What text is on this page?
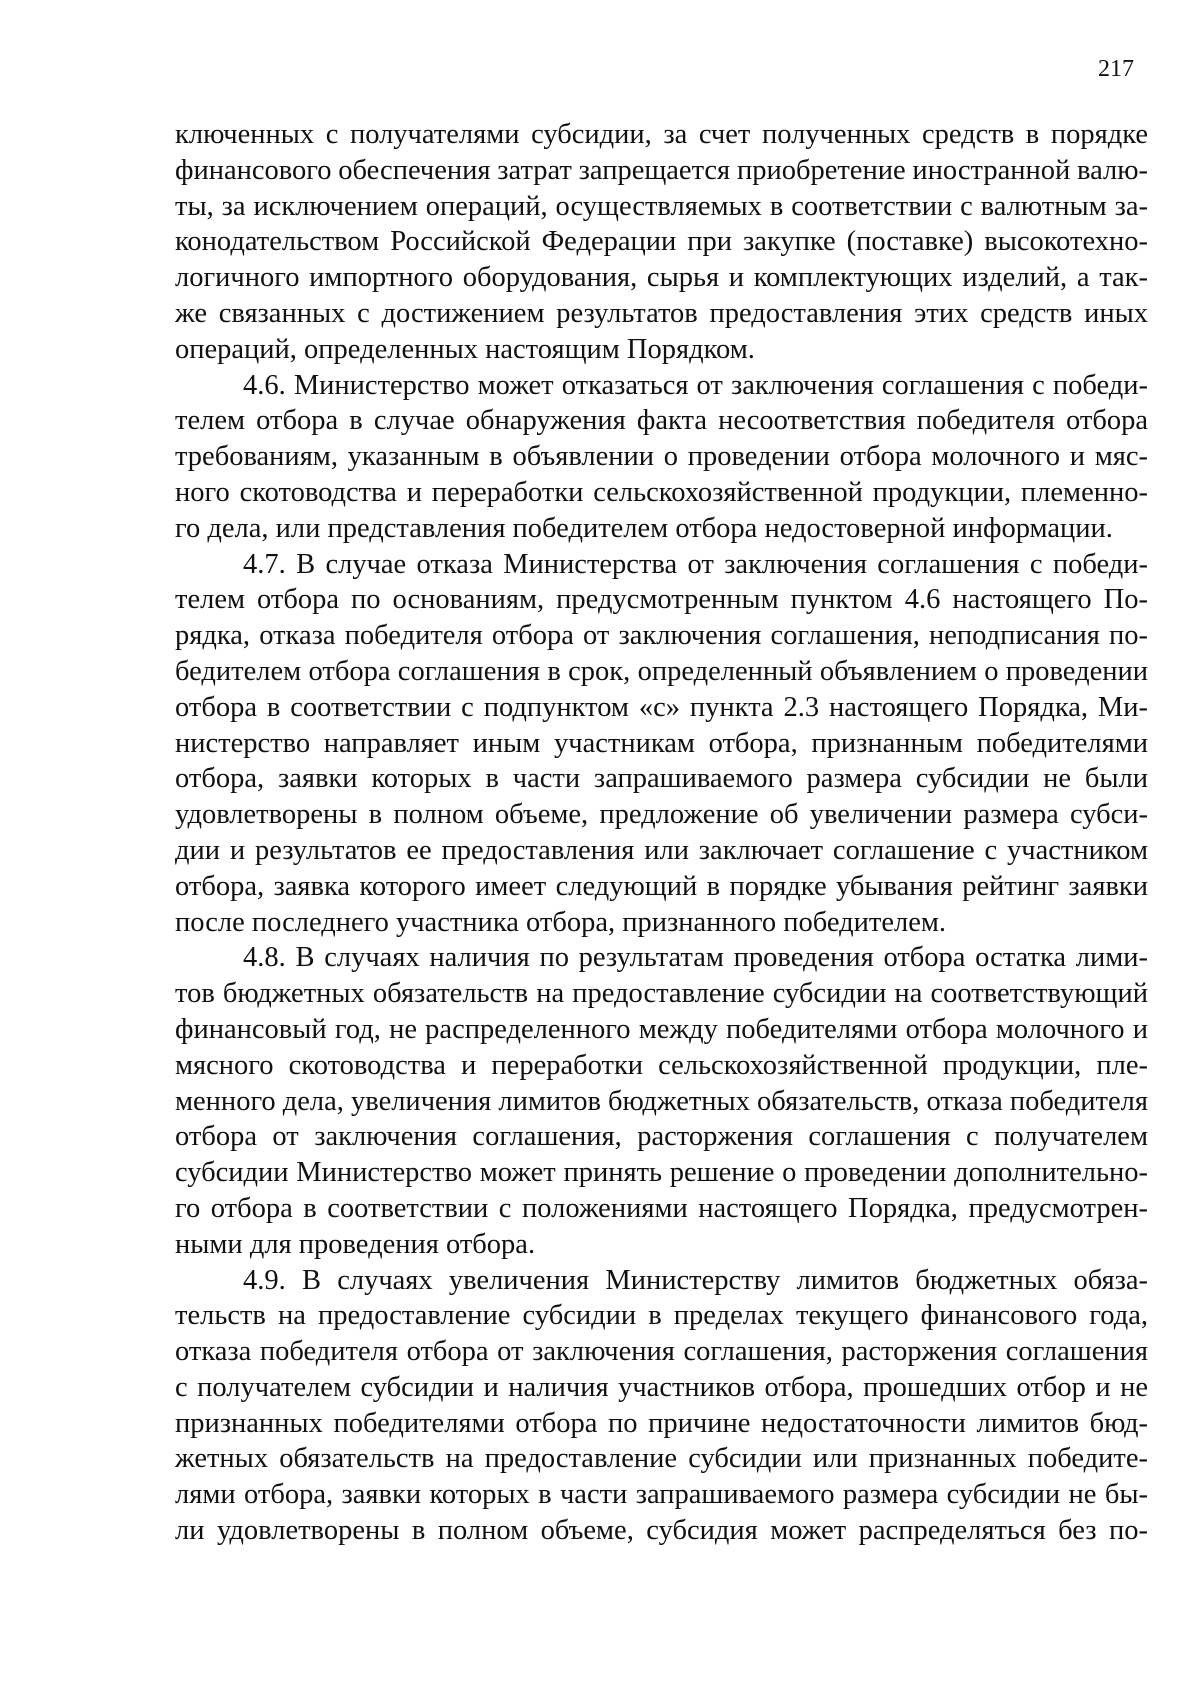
217
ключенных с получателями субсидии, за счет полученных средств в порядке
финансового обеспечения затрат запрещается приобретение иностранной валю-
ты, за исключением операций, осуществляемых в соответствии с валютным за-
конодательством Российской Федерации при закупке (поставке) высокотехно-
логичного импортного оборудования, сырья и комплектующих изделий, а так-
же связанных с достижением результатов предоставления этих средств иных
операций, определенных настоящим Порядком.
4.6. Министерство может отказаться от заключения соглашения с победи-
телем отбора в случае обнаружения факта несоответствия победителя отбора
требованиям, указанным в объявлении о проведении отбора молочного и мяс-
ного скотоводства и переработки сельскохозяйственной продукции, племенно-
го дела, или представления победителем отбора недостоверной информации.
4.7. В случае отказа Министерства от заключения соглашения с победи-
телем отбора по основаниям, предусмотренным пунктом 4.6 настоящего По-
рядка, отказа победителя отбора от заключения соглашения, неподписания по-
бедителем отбора соглашения в срок, определенный объявлением о проведении
отбора в соответствии с подпунктом «с» пункта 2.3 настоящего Порядка, Ми-
нистерство направляет иным участникам отбора, признанным победителями
отбора, заявки которых в части запрашиваемого размера субсидии не были
удовлетворены в полном объеме, предложение об увеличении размера субси-
дии и результатов ее предоставления или заключает соглашение с участником
отбора, заявка которого имеет следующий в порядке убывания рейтинг заявки
после последнего участника отбора, признанного победителем.
4.8. В случаях наличия по результатам проведения отбора остатка лими-
тов бюджетных обязательств на предоставление субсидии на соответствующий
финансовый год, не распределенного между победителями отбора молочного и
мясного скотоводства и переработки сельскохозяйственной продукции, пле-
менного дела, увеличения лимитов бюджетных обязательств, отказа победителя
отбора от заключения соглашения, расторжения соглашения с получателем
субсидии Министерство может принять решение о проведении дополнительно-
го отбора в соответствии с положениями настоящего Порядка, предусмотрен-
ными для проведения отбора.
4.9. В случаях увеличения Министерству лимитов бюджетных обяза-
тельств на предоставление субсидии в пределах текущего финансового года,
отказа победителя отбора от заключения соглашения, расторжения соглашения
с получателем субсидии и наличия участников отбора, прошедших отбор и не
признанных победителями отбора по причине недостаточности лимитов бюд-
жетных обязательств на предоставление субсидии или признанных победите-
лями отбора, заявки которых в части запрашиваемого размера субсидии не бы-
ли удовлетворены в полном объеме, субсидия может распределяться без по-
